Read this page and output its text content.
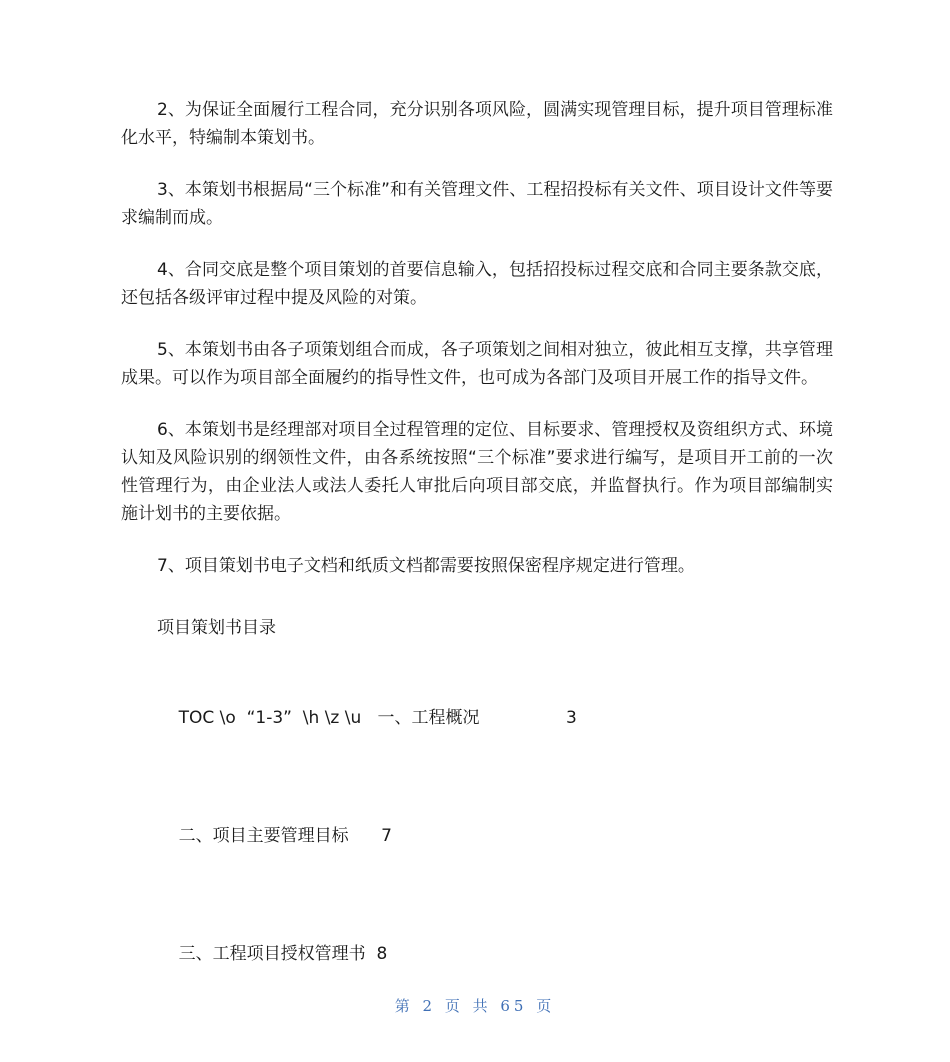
2、为保证全面履行工程合同，充分识别各项风险，圆满实现管理目标，提升项目管理标准化水平，特编制本策划书。

3、本策划书根据局“三个标准”和有关管理文件、工程招投标有关文件、项目设计文件等要求编制而成。

4、合同交底是整个项目策划的首要信息输入，包括招投标过程交底和合同主要条款交底，还包括各级评审过程中提及风险的对策。

5、本策划书由各子项策划组合而成，各子项策划之间相对独立，彼此相互支撑，共享管理成果。可以作为项目部全面履约的指导性文件，也可成为各部门及项目开展工作的指导文件。

6、本策划书是经理部对项目全过程管理的定位、目标要求、管理授权及资组织方式、环境认知及风险识别的纲领性文件，由各系统按照“三个标准”要求进行编写，是项目开工前的一次性管理行为，由企业法人或法人委托人审批后向项目部交底，并监督执行。作为项目部编制实施计划书的主要依据。

7、项目策划书电子文档和纸质文档都需要按照保密程序规定进行管理。

项目策划书目录

TOC \o  “1-3”  \h \z \u   一、工程概况	3

二、项目主要管理目标 7

三、工程项目授权管理书 8

第 2 页 共 65 页
